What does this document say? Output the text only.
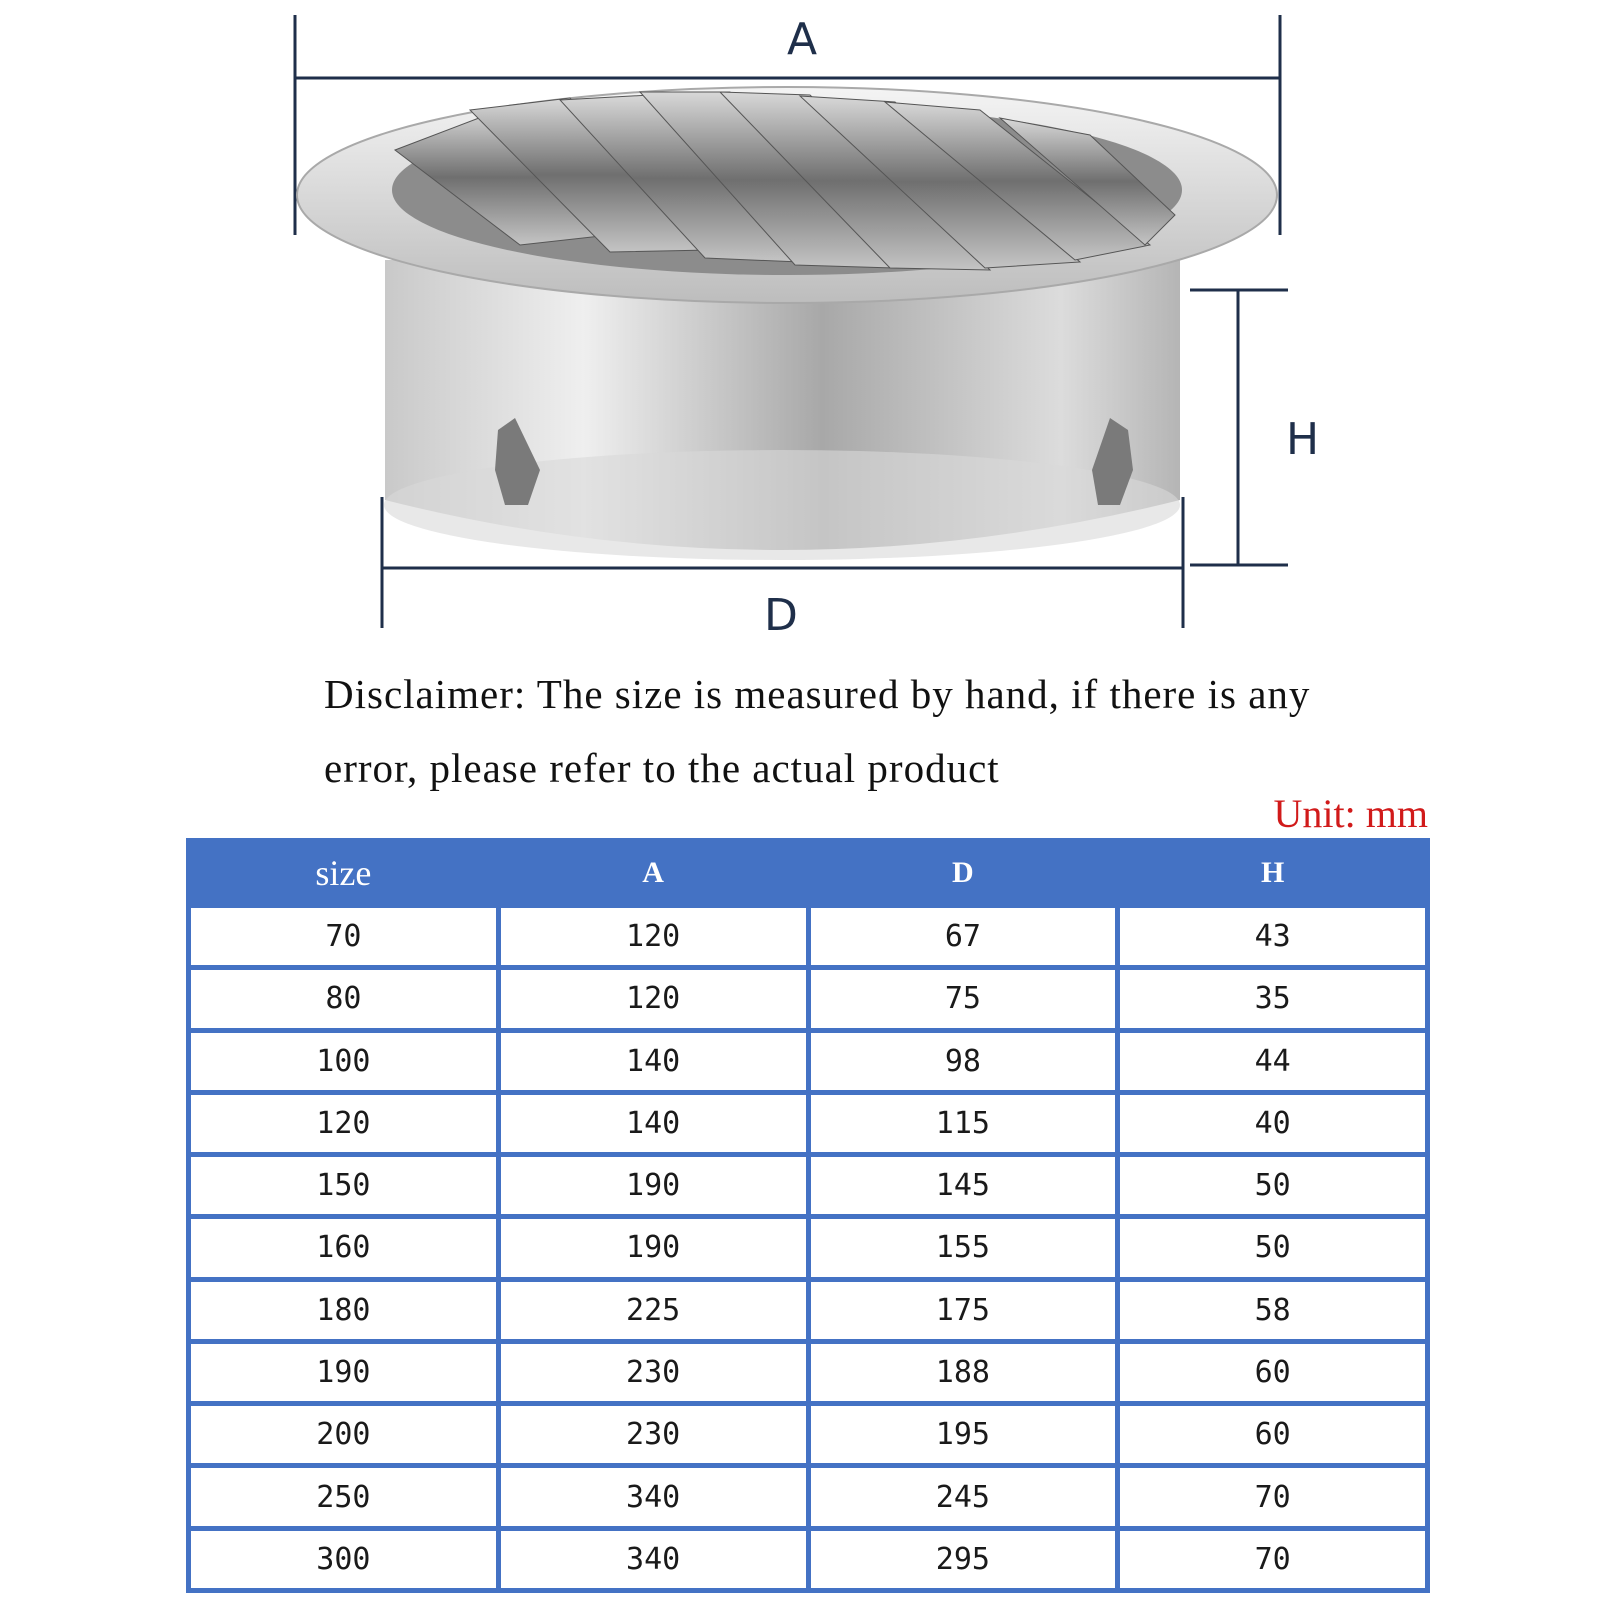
A
H
D

Disclaimer: The size is measured by hand, if there is any error, please refer to the actual product

Unit: mm
size	A	D	H
70	120	67	43
80	120	75	35
100	140	98	44
120	140	115	40
150	190	145	50
160	190	155	50
180	225	175	58
190	230	188	60
200	230	195	60
250	340	245	70
300	340	295	70
